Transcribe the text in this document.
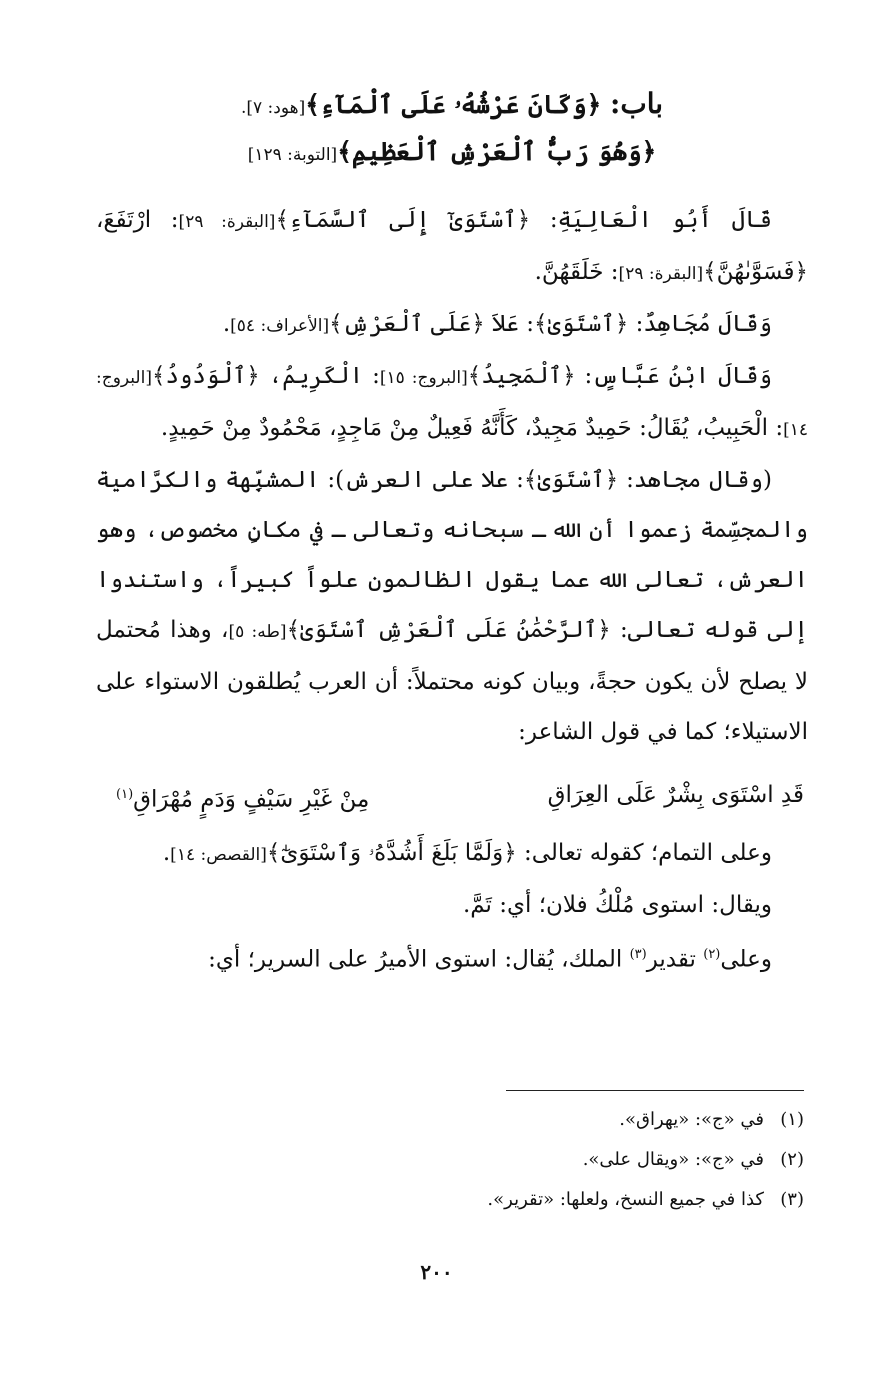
باب: ﴿وَكَانَ عَرْشُهُۥ عَلَى ٱلْمَآءِ﴾[هود: ٧].
﴿وَهُوَ رَبُّ ٱلْعَرْشِ ٱلْعَظِيمِ﴾[التوبة: ١٢٩]

قَالَ أَبُو الْعَالِيَةِ: ﴿ٱسْتَوَىٰٓ إِلَى ٱلسَّمَآءِ﴾[البقرة: ٢٩]: ارْتَفَعَ، ﴿فَسَوَّىٰهُنَّ﴾[البقرة: ٢٩]: خَلَقَهُنَّ.

وَقَالَ مُجَاهِدٌ: ﴿ٱسْتَوَىٰ﴾: عَلاَ ﴿عَلَى ٱلْعَرْشِ﴾[الأعراف: ٥٤].

وَقَالَ ابْنُ عَبَّاسٍ: ﴿ٱلْمَجِيدُ﴾[البروج: ١٥]: الْكَرِيمُ، ﴿ٱلْوَدُودُ﴾[البروج: ١٤]: الْحَبِيبُ، يُقَالُ: حَمِيدٌ مَجِيدٌ، كَأَنَّهُ فَعِيلٌ مِنْ مَاجِدٍ، مَحْمُودٌ مِنْ حَمِيدٍ.

(وقال مجاهد: ﴿ٱسْتَوَىٰ﴾: علا على العرش): المشبِّهة والكرَّامية والمجسِّمة زعموا أن الله ـ سبحانه وتعالى ـ في مكانٍ مخصوص، وهو العرش، تعالى الله عما يقول الظالمون علواً كبيراً، واستندوا إلى قوله تعالى: ﴿ٱلرَّحْمَٰنُ عَلَى ٱلْعَرْشِ ٱسْتَوَىٰ﴾[طه: ٥]، وهذا مُحتمل لا يصلح لأن يكون حجةً، وبيان كونه محتملاً: أن العرب يُطلقون الاستواء على الاستيلاء؛ كما في قول الشاعر:

قَدِ اسْتَوَى بِشْرٌ عَلَى العِرَاقِ
مِنْ غَيْرِ سَيْفٍ وَدَمٍ مُهْرَاقِ$^{(١)}$

وعلى التمام؛ كقوله تعالى: ﴿وَلَمَّا بَلَغَ أَشُدَّهُۥ وَٱسْتَوَىٰٓ﴾[القصص: ١٤].

ويقال: استوى مُلْكُ فلان؛ أي: تَمَّ.

وعلى$^{(٢)}$ تقدير$^{(٣)}$ الملك، يُقال: استوى الأميرُ على السرير؛ أي:

(١)في «ج»: «يهراق».
(٢)في «ج»: «ويقال على».
(٣)كذا في جميع النسخ، ولعلها: «تقرير».
٢٠٠
